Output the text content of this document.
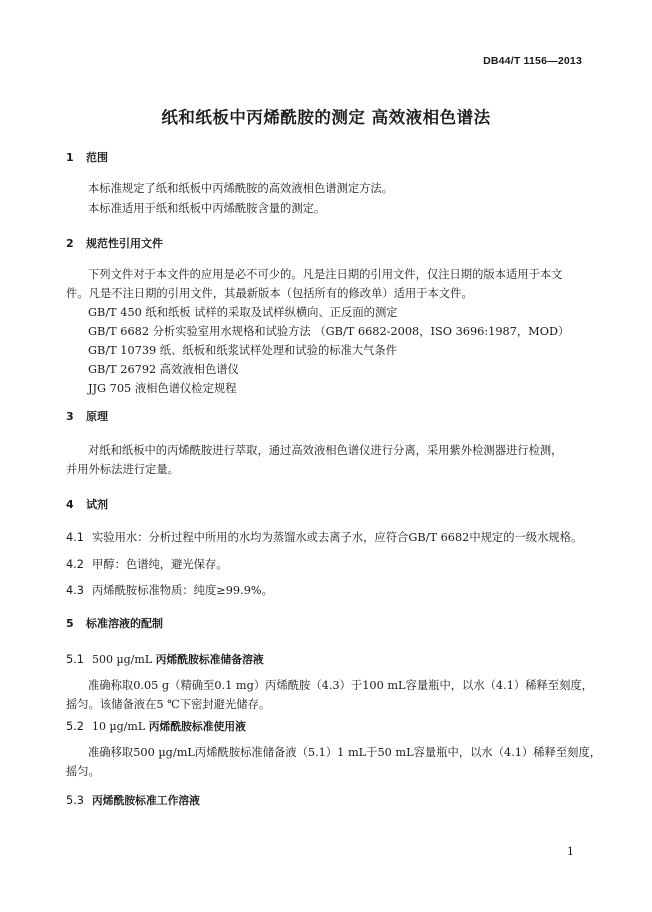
DB44/T 1156—2013
纸和纸板中丙烯酰胺的测定 高效液相色谱法
1 范围
本标准规定了纸和纸板中丙烯酰胺的高效液相色谱测定方法。
本标准适用于纸和纸板中丙烯酰胺含量的测定。
2 规范性引用文件
下列文件对于本文件的应用是必不可少的。凡是注日期的引用文件，仅注日期的版本适用于本文
件。凡是不注日期的引用文件，其最新版本（包括所有的修改单）适用于本文件。
GB/T 450 纸和纸板 试样的采取及试样纵横向、正反面的测定
GB/T 6682 分析实验室用水规格和试验方法 （GB/T 6682-2008，ISO 3696:1987，MOD）
GB/T 10739 纸、纸板和纸浆试样处理和试验的标准大气条件
GB/T 26792 高效液相色谱仪
JJG 705 液相色谱仪检定规程
3 原理
对纸和纸板中的丙烯酰胺进行萃取，通过高效液相色谱仪进行分离，采用紫外检测器进行检测，
并用外标法进行定量。
4 试剂
4.1 实验用水：分析过程中所用的水均为蒸馏水或去离子水，应符合GB/T 6682中规定的一级水规格。
4.2 甲醇：色谱纯，避光保存。
4.3 丙烯酰胺标准物质：纯度≥99.9%。
5 标准溶液的配制
5.1 500 µg/mL 丙烯酰胺标准储备溶液
准确称取0.05 g（精确至0.1 mg）丙烯酰胺（4.3）于100 mL容量瓶中，以水（4.1）稀释至刻度，
摇匀。该储备液在5 ℃下密封避光储存。
5.2 10 µg/mL 丙烯酰胺标准使用液
准确移取500 µg/mL丙烯酰胺标准储备液（5.1）1 mL于50 mL容量瓶中，以水（4.1）稀释至刻度，
摇匀。
5.3 丙烯酰胺标准工作溶液
1
